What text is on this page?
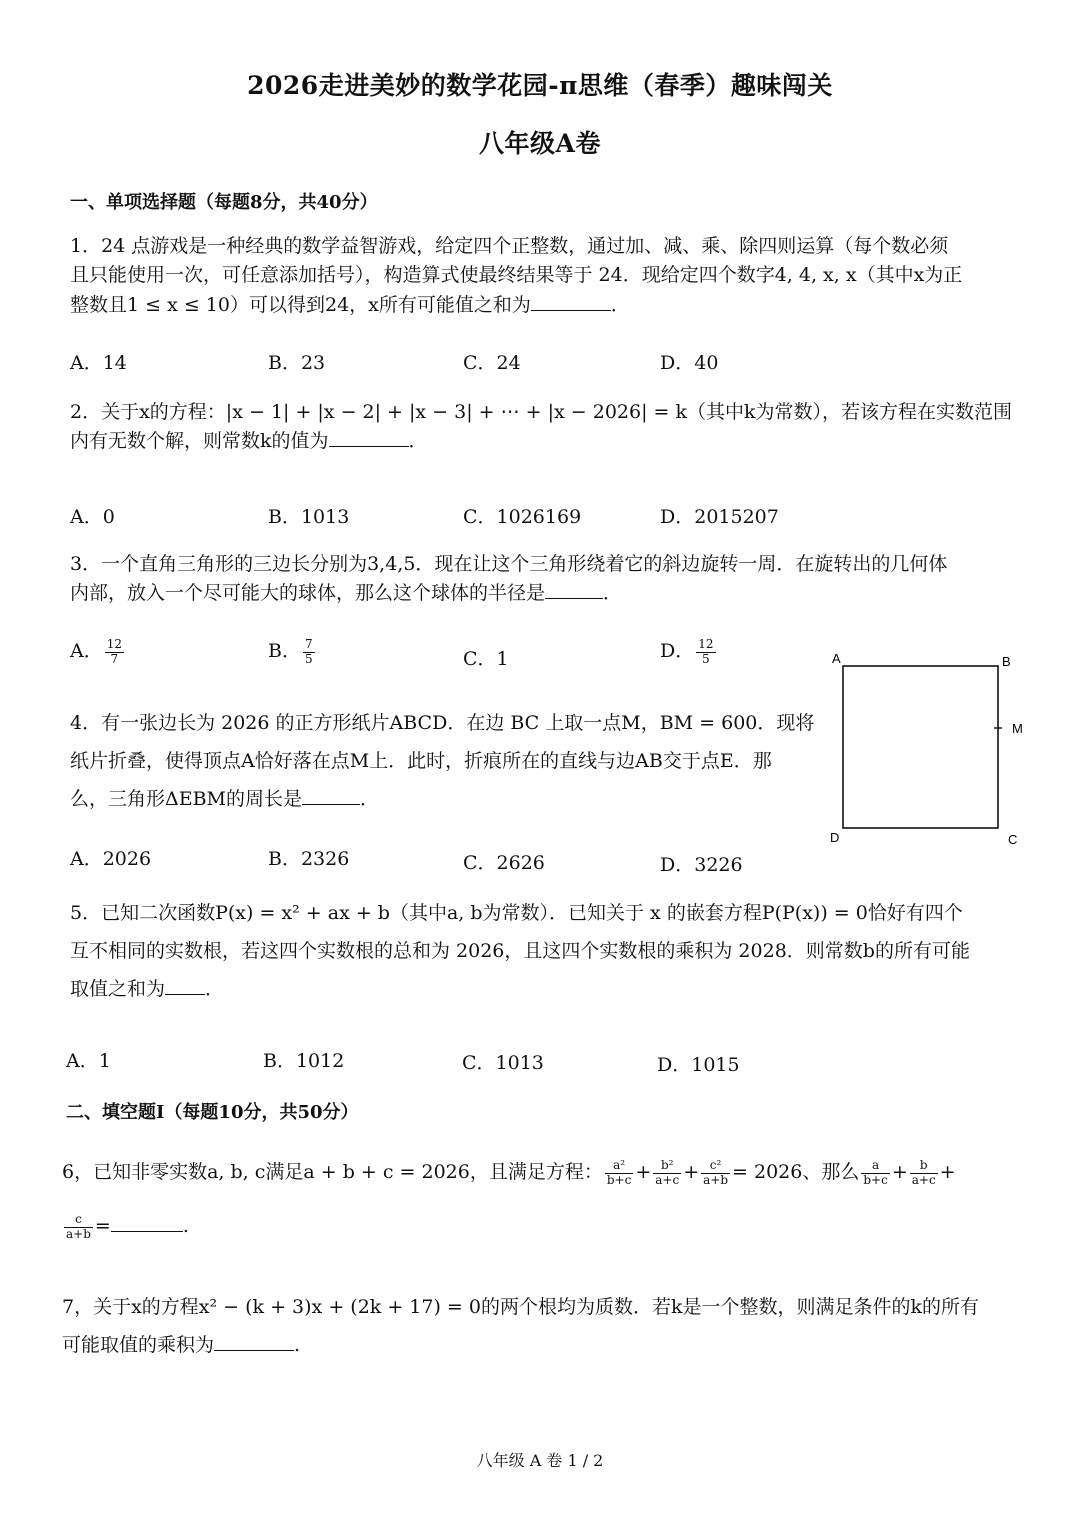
2026走进美妙的数学花园-π思维（春季）趣味闯关
八年级A卷
一、单项选择题（每题8分，共40分）
1．24 点游戏是一种经典的数学益智游戏，给定四个正整数，通过加、减、乘、除四则运算（每个数必须
且只能使用一次，可任意添加括号），构造算式使最终结果等于 24．现给定四个数字4, 4, x, x（其中x为正
整数且1 ≤ x ≤ 10）可以得到24，x所有可能值之和为	．
A．14	B．23	C．24	D．40
2．关于x的方程：|x − 1| + |x − 2| + |x − 3| + ⋯ + |x − 2026| = k（其中k为常数），若该方程在实数范围
内有无数个解，则常数k的值为	．
A．0	B．1013	C．1026169	D．2015207
3．一个直角三角形的三边长分别为3,4,5．现在让这个三角形绕着它的斜边旋转一周．在旋转出的几何体
内部，放入一个尽可能大的球体，那么这个球体的半径是	．
A． $\frac{12}{7}$	B． $\frac{7}{5}$	C．1	D． $\frac{12}{5}$
4．有一张边长为 2026 的正方形纸片ABCD．在边 BC 上取一点M，BM = 600．现将
纸片折叠，使得顶点A恰好落在点M上．此时，折痕所在的直线与边AB交于点E．那
么，三角形ΔEBM的周长是	．
A	B
M
D	C
A．2026	B．2326	C．2626	D．3226
5．已知二次函数P(x) = x² + ax + b（其中a, b为常数）．已知关于 x 的嵌套方程P(P(x)) = 0恰好有四个
互不相同的实数根，若这四个实数根的总和为 2026，且这四个实数根的乘积为 2028．则常数b的所有可能
取值之和为 ．
A．1	B．1012	C．1013	D．1015
二、填空题Ⅰ（每题10分，共50分）
6，已知非零实数a, b, c满足a + b + c = 2026，且满足方程： $\frac{\text{a²}}{b+c} + \frac{\text{b²}}{a+c} + \frac{\text{c²}}{a+b} = 2026$、那么 $\frac{a}{b+c} + \frac{b}{a+c}$ +
$\frac{c}{a+b}$ =	.
7，关于x的方程x² − (k + 3)x + (2k + 17) = 0的两个根均为质数．若k是一个整数，则满足条件的k的所有
可能取值的乘积为	.
八年级 A 卷 1 / 2
